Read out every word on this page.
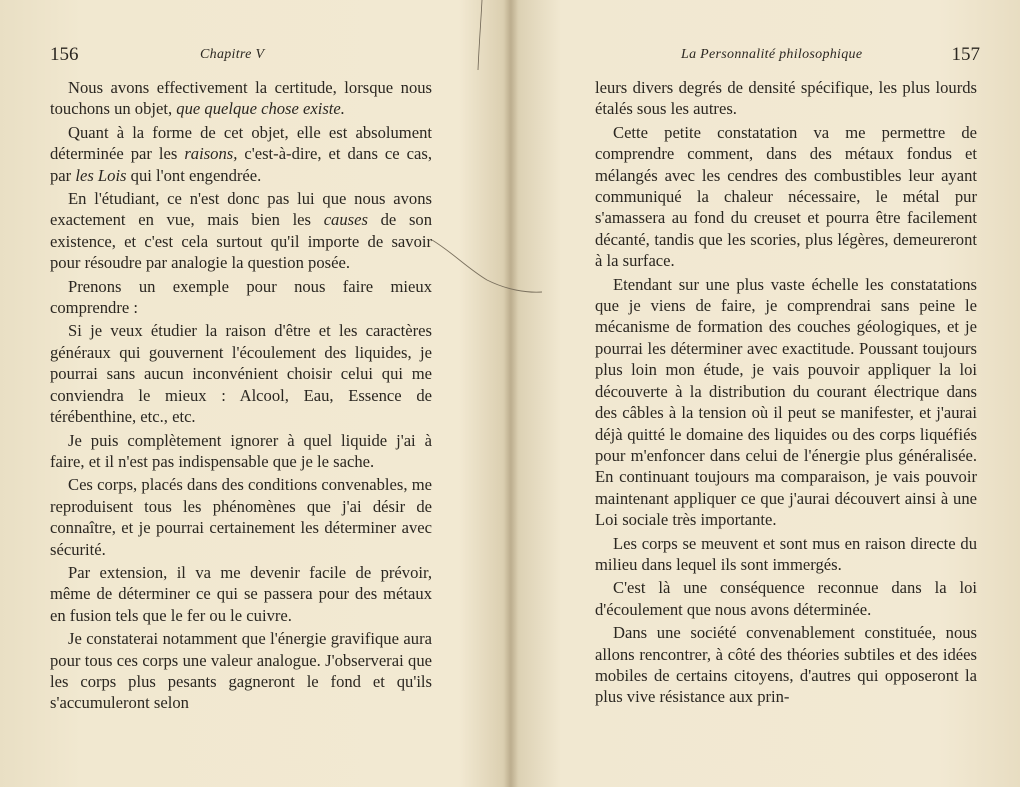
156	Chapitre V
Nous avons effectivement la certitude, lorsque nous touchons un objet, que quelque chose existe.
Quant à la forme de cet objet, elle est absolument déterminée par les raisons, c'est-à-dire, et dans ce cas, par les Lois qui l'ont engendrée.
En l'étudiant, ce n'est donc pas lui que nous avons exactement en vue, mais bien les causes de son existence, et c'est cela surtout qu'il importe de savoir pour résoudre par analogie la question posée.
Prenons un exemple pour nous faire mieux comprendre :
Si je veux étudier la raison d'être et les caractères généraux qui gouvernent l'écoulement des liquides, je pourrai sans aucun inconvénient choisir celui qui me conviendra le mieux : Alcool, Eau, Essence de térébenthine, etc., etc.
Je puis complètement ignorer à quel liquide j'ai à faire, et il n'est pas indispensable que je le sache.
Ces corps, placés dans des conditions convenables, me reproduisent tous les phénomènes que j'ai désir de connaître, et je pourrai certainement les déterminer avec sécurité.
Par extension, il va me devenir facile de prévoir, même de déterminer ce qui se passera pour des métaux en fusion tels que le fer ou le cuivre.
Je constaterai notamment que l'énergie gravifique aura pour tous ces corps une valeur analogue. J'observerai que les corps plus pesants gagneront le fond et qu'ils s'accumuleront selon
La Personnalité philosophique	157
leurs divers degrés de densité spécifique, les plus lourds étalés sous les autres.
Cette petite constatation va me permettre de comprendre comment, dans des métaux fondus et mélangés avec les cendres des combustibles leur ayant communiqué la chaleur nécessaire, le métal pur s'amassera au fond du creuset et pourra être facilement décanté, tandis que les scories, plus légères, demeureront à la surface.
Etendant sur une plus vaste échelle les constatations que je viens de faire, je comprendrai sans peine le mécanisme de formation des couches géologiques, et je pourrai les déterminer avec exactitude. Poussant toujours plus loin mon étude, je vais pouvoir appliquer la loi découverte à la distribution du courant électrique dans des câbles à la tension où il peut se manifester, et j'aurai déjà quitté le domaine des liquides ou des corps liquéfiés pour m'enfoncer dans celui de l'énergie plus généralisée. En continuant toujours ma comparaison, je vais pouvoir maintenant appliquer ce que j'aurai découvert ainsi à une Loi sociale très importante.
Les corps se meuvent et sont mus en raison directe du milieu dans lequel ils sont immergés.
C'est là une conséquence reconnue dans la loi d'écoulement que nous avons déterminée.
Dans une société convenablement constituée, nous allons rencontrer, à côté des théories subtiles et des idées mobiles de certains citoyens, d'autres qui opposeront la plus vive résistance aux prin-
